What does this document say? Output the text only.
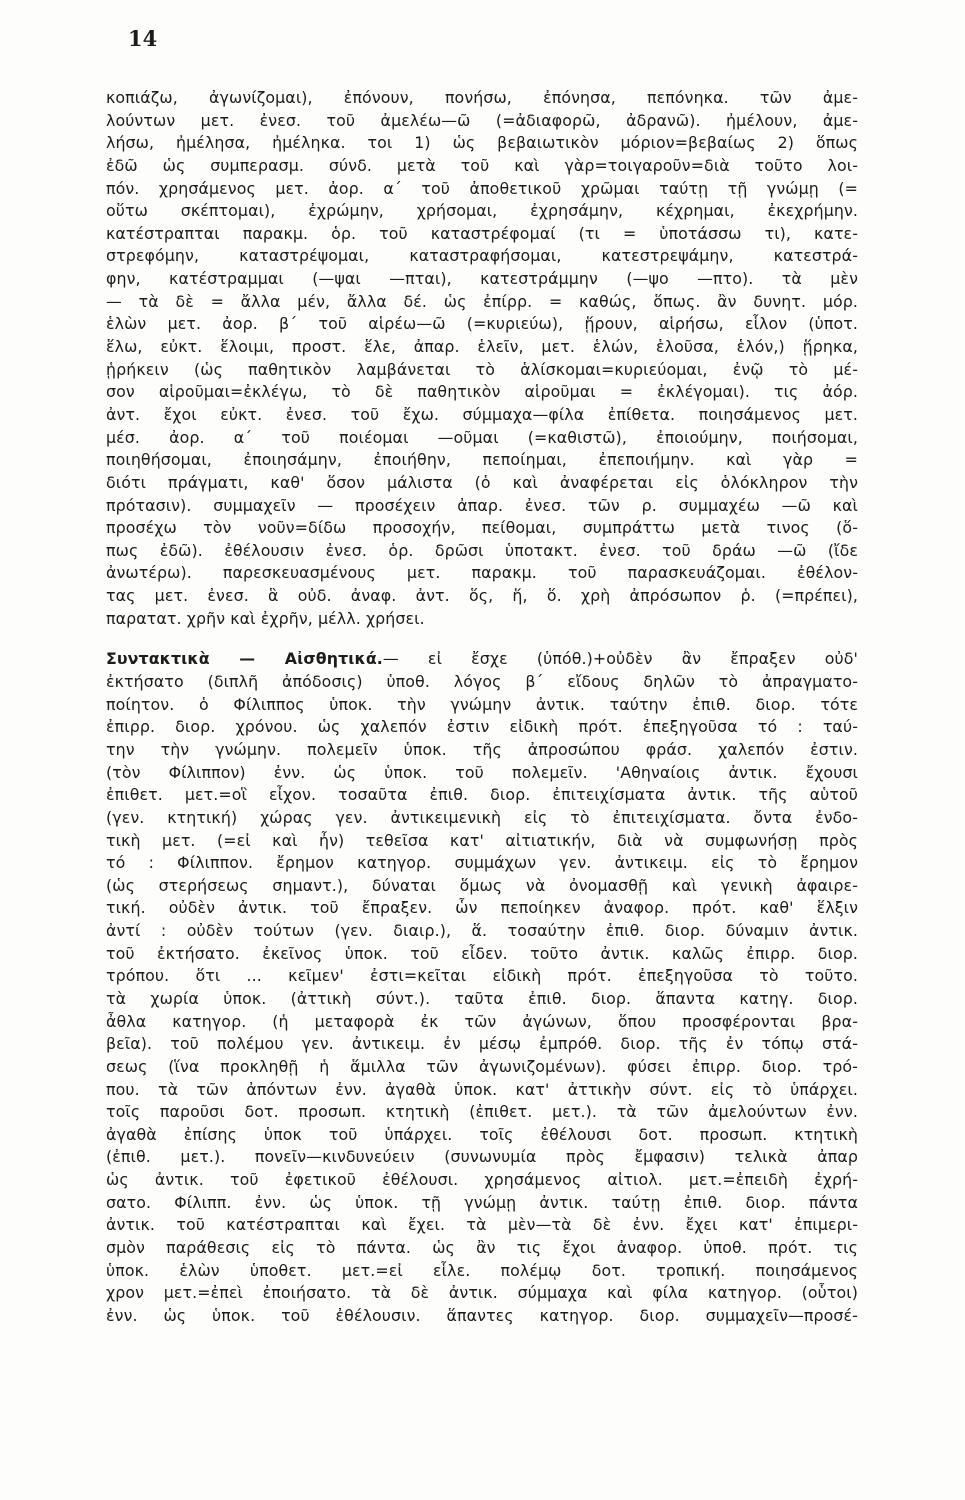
14
κοπιάζω, ἀγωνίζομαι), ἐπόνουν, πονήσω, ἐπόνησα, πεπόνηκα. τῶν ἀμε-
λούντων μετ. ἐνεσ. τοῦ ἀμελέω—ῶ (=ἀδιαφορῶ, ἀδρανῶ). ἠμέλουν, ἀμε-
λήσω, ἠμέλησα, ἠμέληκα. τοι 1) ὡς βεβαιωτικὸν μόριον=βεβαίως 2) ὅπως
ἐδῶ ὡς συμπερασμ. σύνδ. μετὰ τοῦ καὶ γὰρ=τοιγαροῦν=διὰ τοῦτο λοι-
πόν. χρησάμενος μετ. ἀορ. α΄ τοῦ ἀποθετικοῦ χρῶμαι ταύτῃ τῇ γνώμῃ (=
οὕτω σκέπτομαι), ἐχρώμην, χρήσομαι, ἐχρησάμην, κέχρημαι, ἐκεχρήμην.
κατέστραπται παρακμ. ὁρ. τοῦ καταστρέφομαί (τι = ὑποτάσσω τι), κατε-
στρεφόμην, καταστρέψομαι, καταστραφήσομαι, κατεστρεψάμην, κατεστρά-
φην, κατέστραμμαι (—ψαι —πται), κατεστράμμην (—ψο —πτο). τὰ μὲν
— τὰ δὲ = ἄλλα μέν, ἄλλα δέ. ὡς ἐπίρρ. = καθώς, ὅπως. ἂν δυνητ. μόρ.
ἑλὼν μετ. ἀορ. β΄ τοῦ αἱρέω—ῶ (=κυριεύω), ᾕρουν, αἱρήσω, εἷλον (ὑποτ.
ἕλω, εὐκτ. ἕλοιμι, προστ. ἕλε, ἀπαρ. ἑλεῖν, μετ. ἑλών, ἑλοῦσα, ἑλόν,) ᾕρηκα,
ᾑρήκειν (ὡς παθητικὸν λαμβάνεται τὸ ἁλίσκομαι=κυριεύομαι, ἐνῷ τὸ μέ-
σον αἱροῦμαι=ἐκλέγω, τὸ δὲ παθητικὸν αἱροῦμαι = ἐκλέγομαι). τις ἀόρ.
ἀντ. ἔχοι εὐκτ. ἐνεσ. τοῦ ἔχω. σύμμαχα—φίλα ἐπίθετα. ποιησάμενος μετ.
μέσ. ἀορ. α΄ τοῦ ποιέομαι —οῦμαι (=καθιστῶ), ἐποιούμην, ποιήσομαι,
ποιηθήσομαι, ἐποιησάμην, ἐποιήθην, πεποίημαι, ἐπεποιήμην. καὶ γὰρ =
διότι πράγματι, καθ' ὅσον μάλιστα (ὁ καὶ ἀναφέρεται εἰς ὁλόκληρον τὴν
πρότασιν). συμμαχεῖν — προσέχειν ἀπαρ. ἐνεσ. τῶν ρ. συμμαχέω —ῶ καὶ
προσέχω τὸν νοῦν=δίδω προσοχήν, πείθομαι, συμπράττω μετὰ τινος (ὅ-
πως ἐδῶ). ἐθέλουσιν ἐνεσ. ὁρ. δρῶσι ὑποτακτ. ἐνεσ. τοῦ δράω —ῶ (ἴδε
ἀνωτέρω). παρεσκευασμένους μετ. παρακμ. τοῦ παρασκευάζομαι. ἐθέλον-
τας μετ. ἐνεσ. ἃ οὐδ. ἀναφ. ἀντ. ὅς, ἥ, ὅ. χρὴ ἀπρόσωπον ῥ. (=πρέπει),
παρατατ. χρῆν καὶ ἐχρῆν, μέλλ. χρήσει.
Συντακτικὰ — Αἰσθητικά.— εἰ ἔσχε (ὑπόθ.)+οὐδὲν ἂν ἔπραξεν οὐδ'
ἐκτήσατο (διπλῆ ἀπόδοσις) ὑποθ. λόγος β΄ εἴδους δηλῶν τὸ ἀπραγματο-
ποίητον. ὁ Φίλιππος ὑποκ. τὴν γνώμην ἀντικ. ταύτην ἐπιθ. διορ. τότε
ἐπιρρ. διορ. χρόνου. ὡς χαλεπόν ἐστιν εἰδικὴ πρότ. ἐπεξηγοῦσα τό : ταύ-
την τὴν γνώμην. πολεμεῖν ὑποκ. τῆς ἀπροσώπου φράσ. χαλεπόν ἐστιν.
(τὸν Φίλιππον) ἐνν. ὡς ὑποκ. τοῦ πολεμεῖν. 'Αθηναίοις ἀντικ. ἔχουσι
ἐπιθετ. μετ.=οἳ εἶχον. τοσαῦτα ἐπιθ. διορ. ἐπιτειχίσματα ἀντικ. τῆς αὑτοῦ
(γεν. κτητική) χώρας γεν. ἀντικειμενικὴ εἰς τὸ ἐπιτειχίσματα. ὄντα ἐνδο-
τικὴ μετ. (=εἰ καὶ ἦν) τεθεῖσα κατ' αἰτιατικήν, διὰ νὰ συμφωνήσῃ πρὸς
τό : Φίλιππον. ἔρημον κατηγορ. συμμάχων γεν. ἀντικειμ. εἰς τὸ ἔρημον
(ὡς στερήσεως σημαντ.), δύναται ὅμως νὰ ὀνομασθῇ καὶ γενικὴ ἀφαιρε-
τική. οὐδὲν ἀντικ. τοῦ ἔπραξεν. ὧν πεποίηκεν ἀναφορ. πρότ. καθ' ἕλξιν
ἀντί : οὐδὲν τούτων (γεν. διαιρ.), ἅ. τοσαύτην ἐπιθ. διορ. δύναμιν ἀντικ.
τοῦ ἐκτήσατο. ἐκεῖνος ὑποκ. τοῦ εἶδεν. τοῦτο ἀντικ. καλῶς ἐπιρρ. διορ.
τρόπου. ὅτι ... κεῖμεν' ἐστι=κεῖται εἰδικὴ πρότ. ἐπεξηγοῦσα τὸ τοῦτο.
τὰ χωρία ὑποκ. (ἀττικὴ σύντ.). ταῦτα ἐπιθ. διορ. ἅπαντα κατηγ. διορ.
ἆθλα κατηγορ. (ἡ μεταφορὰ ἐκ τῶν ἀγώνων, ὅπου προσφέρονται βρα-
βεῖα). τοῦ πολέμου γεν. ἀντικειμ. ἐν μέσῳ ἐμπρόθ. διορ. τῆς ἐν τόπῳ στά-
σεως (ἵνα προκληθῇ ἡ ἅμιλλα τῶν ἀγωνιζομένων). φύσει ἐπιρρ. διορ. τρό-
που. τὰ τῶν ἀπόντων ἐνν. ἀγαθὰ ὑποκ. κατ' ἀττικὴν σύντ. εἰς τὸ ὑπάρχει.
τοῖς παροῦσι δοτ. προσωπ. κτητικὴ (ἐπιθετ. μετ.). τὰ τῶν ἀμελούντων ἐνν.
ἀγαθὰ ἐπίσης ὑποκ τοῦ ὑπάρχει. τοῖς ἐθέλουσι δοτ. προσωπ. κτητικὴ
(ἐπιθ. μετ.). πονεῖν—κινδυνεύειν (συνωνυμία πρὸς ἔμφασιν) τελικὰ ἀπαρ
ὡς ἀντικ. τοῦ ἐφετικοῦ ἐθέλουσι. χρησάμενος αἰτιολ. μετ.=ἐπειδὴ ἐχρή-
σατο. Φίλιππ. ἐνν. ὡς ὑποκ. τῇ γνώμῃ ἀντικ. ταύτῃ ἐπιθ. διορ. πάντα
ἀντικ. τοῦ κατέστραπται καὶ ἔχει. τὰ μὲν—τὰ δὲ ἐνν. ἔχει κατ' ἐπιμερι-
σμὸν παράθεσις εἰς τὸ πάντα. ὡς ἂν τις ἔχοι ἀναφορ. ὑποθ. πρότ. τις
ὑποκ. ἑλὼν ὑποθετ. μετ.=εἰ εἷλε. πολέμῳ δοτ. τροπική. ποιησάμενος
χρον μετ.=ἐπεὶ ἐποιήσατο. τὰ δὲ ἀντικ. σύμμαχα καὶ φίλα κατηγορ. (οὗτοι)
ἐνν. ὡς ὑποκ. τοῦ ἐθέλουσιν. ἅπαντες κατηγορ. διορ. συμμαχεῖν—προσέ-
